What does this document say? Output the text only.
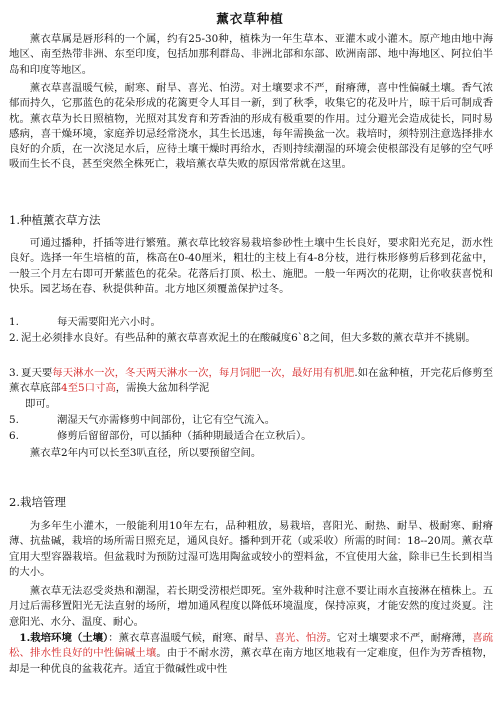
薰衣草种植

薰衣草属是唇形科的一个属，约有25-30种，植株为一年生草本、亚灌木或小灌木。原产地由地中海地区、南至热带非洲、东至印度，包括加那利群岛、非洲北部和东部、欧洲南部、地中海地区、阿拉伯半岛和印度等地区。

薰衣草喜温暖气候，耐寒、耐旱、喜光、怕涝。对土壤要求不严，耐瘠薄，喜中性偏碱土壤。香气浓郁而持久，它那蓝色的花朵形成的花篱更令人耳目一新，到了秋季，收集它的花及叶片，晾干后可制成香枕。薰衣草为长日照植物，光照对其发育和芳香油的形成有极重要的作用。过分避光会造成徒长，同时易感病，喜干燥环境，家庭养切忌经常浇水，其生长迅速，每年需换盆一次。栽培时，须特别注意选择排水良好的介质，在一次浇足水后，应待土壤干燥时再给水，否则持续潮湿的环境会使根部没有足够的空气呼吸而生长不良，甚至突然全株死亡，栽培薰衣草失败的原因常常就在这里。

1.种植薰衣草方法

可通过播种，扦插等进行繁殖。薰衣草比较容易栽培参砂性土壤中生长良好，要求阳光充足，沥水性良好。选择一年生培植的苗，株高在0-40厘米，粗壮的主枝上有4-8分枝，进行株形修剪后移到花盆中，一般三个月左右即可开紫蓝色的花朵。花落后打顶、松土、施肥。一般一年两次的花期，让你收获喜悦和快乐。园艺场在春、秋提供种苗。北方地区须覆盖保护过冬。

1.	每天需要阳光六小时。
2. 泥土必须排水良好。有些品种的薰衣草喜欢泥土的在酸碱度6`8之间，但大多数的薰衣草并不挑剔。
3. 夏天要每天淋水一次，冬天两天淋水一次，每月饲肥一次，最好用有机肥.如在盆种植，开完花后修剪至薰衣草底部4至5口寸高，需换大盆加科学泥
即可。
5.	潮湿天气亦需修剪中间部份，让它有空气流入。
6.	修剪后留留部份，可以插种（插种期最适合在立秋后）。

薰衣草2年内可以长至3叭直径，所以要预留空间。

2.栽培管理

为多年生小灌木，一般能利用10年左右，品种粗放，易栽培，喜阳光、耐热、耐旱、极耐寒、耐瘠薄、抗盐碱，栽培的场所需日照充足，通风良好。播种到开花（或采收）所需的时间：18--20周。薰衣草宜用大型容器栽培。但盆栽时为预防过湿可选用陶盆或较小的塑料盆，不宜使用大盆，除非已生长到相当的大小。

薰衣草无法忍受炎热和潮湿，若长期受涝根烂即死。室外栽种时注意不要让雨水直接淋在植株上。五月过后需移置阳光无法直射的场所，增加通风程度以降低环境温度，保持凉爽，才能安然的度过炎夏。注意阳光、水分、温度、耐心。

1.栽培环境（土壤）：薰衣草喜温暖气候，耐寒、耐旱、喜光、怕涝。它对土壤要求不严，耐瘠薄，喜疏松、排水性良好的中性偏碱土壤。由于不耐水涝，薰衣草在南方地区地栽有一定难度，但作为芳香植物，却是一种优良的盆栽花卉。适宜于微碱性或中性
